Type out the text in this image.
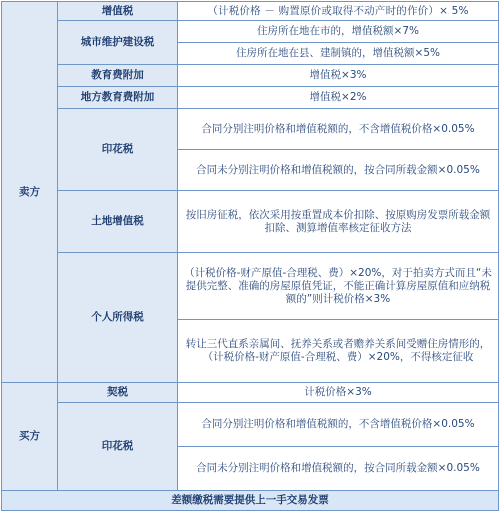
卖方	增值税	（计税价格 － 购置原价或取得不动产时的作价）× 5%
	城市维护建设税	住房所在地在市的，增值税额×7%
		住房所在地在县、建制镇的，增值税额×5%
	教育费附加	增值税×3%
	地方教育费附加	增值税×2%
	印花税	合同分别注明价格和增值税额的，不含增值税价格×0.05%
		合同未分别注明价格和增值税额的，按合同所载金额×0.05%
	土地增值税	按旧房征税，依次采用按重置成本价扣除、按原购房发票所载金额扣除、测算增值率核定征收方法
	个人所得税	（计税价格-财产原值-合理税、费）×20%，对于拍卖方式而且“未提供完整、准确的房屋原值凭证，不能正确计算房屋原值和应纳税额的”则计税价格×3%
		转让三代直系亲属间、抚养关系或者赡养关系间受赠住房情形的，（计税价格-财产原值-合理税、费）×20%，不得核定征收

买方	契税	计税价格×3%
	印花税	合同分别注明价格和增值税额的，不含增值税价格×0.05%
		合同未分别注明价格和增值税额的，按合同所载金额×0.05%
差额缴税需要提供上一手交易发票		
